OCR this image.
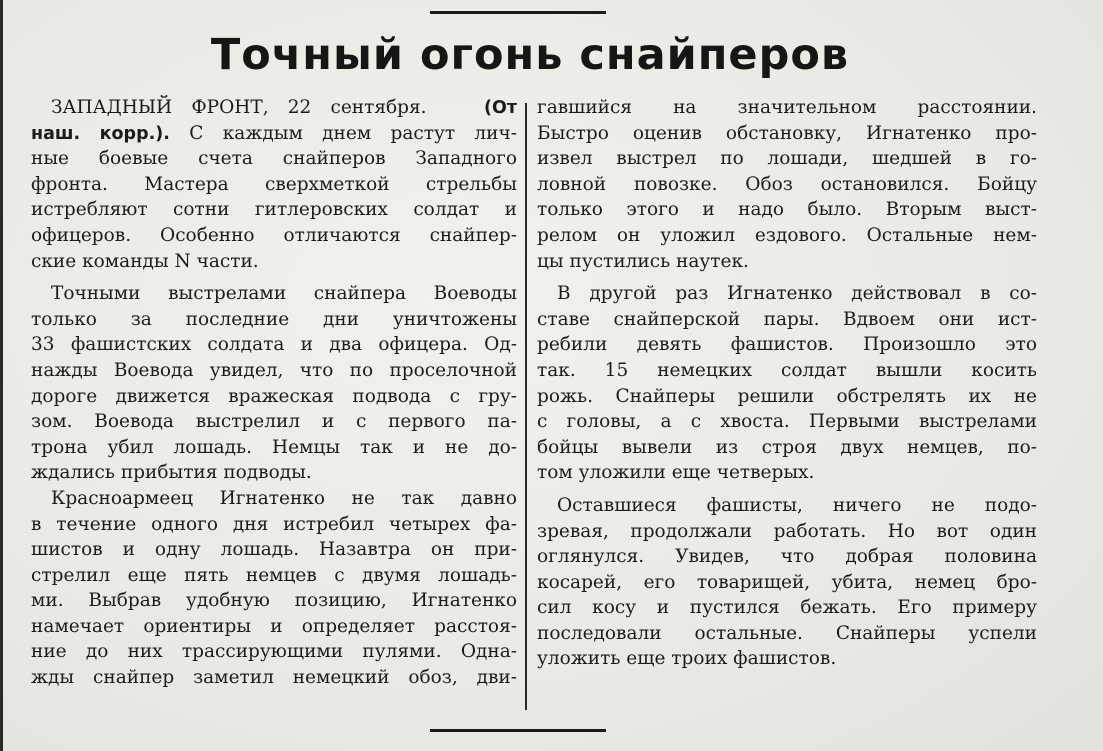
Точный огонь снайперов
ЗАПАДНЫЙ ФРОНТ, 22 сентября.	(От
наш. корр.). С каждым днем растут лич-
ные боевые счета снайперов Западного
фронта. Мастера сверхметкой стрельбы
истребляют сотни гитлеровских солдат и
офицеров. Особенно отличаются снайпер-
ские команды N части.
Точными выстрелами снайпера Воеводы
только за последние дни уничтожены
33 фашистских солдата и два офицера. Од-
нажды Воевода увидел, что по проселочной
дороге движется вражеская подвода с гру-
зом. Воевода выстрелил и с первого па-
трона убил лошадь. Немцы так и не до-
ждались прибытия подводы.
Красноармеец Игнатенко не так давно
в течение одного дня истребил четырех фа-
шистов и одну лошадь. Назавтра он при-
стрелил еще пять немцев с двумя лошадь-
ми. Выбрав удобную позицию, Игнатенко
намечает ориентиры и определяет расстоя-
ние до них трассирующими пулями. Одна-
жды снайпер заметил немецкий обоз, дви-
гавшийся на значительном расстоянии.
Быстро оценив обстановку, Игнатенко про-
извел выстрел по лошади, шедшей в го-
ловной повозке. Обоз остановился. Бойцу
только этого и надо было. Вторым выст-
релом он уложил ездового. Остальные нем-
цы пустились наутек.
В другой раз Игнатенко действовал в со-
ставе снайперской пары. Вдвоем они ист-
ребили девять фашистов. Произошло это
так. 15 немецких солдат вышли косить
рожь. Снайперы решили обстрелять их не
с головы, а с хвоста. Первыми выстрелами
бойцы вывели из строя двух немцев, по-
том уложили еще четверых.
Оставшиеся фашисты, ничего не подо-
зревая, продолжали работать. Но вот один
оглянулся. Увидев, что добрая половина
косарей, его товарищей, убита, немец бро-
сил косу и пустился бежать. Его примеру
последовали остальные. Снайперы успели
уложить еще троих фашистов.
